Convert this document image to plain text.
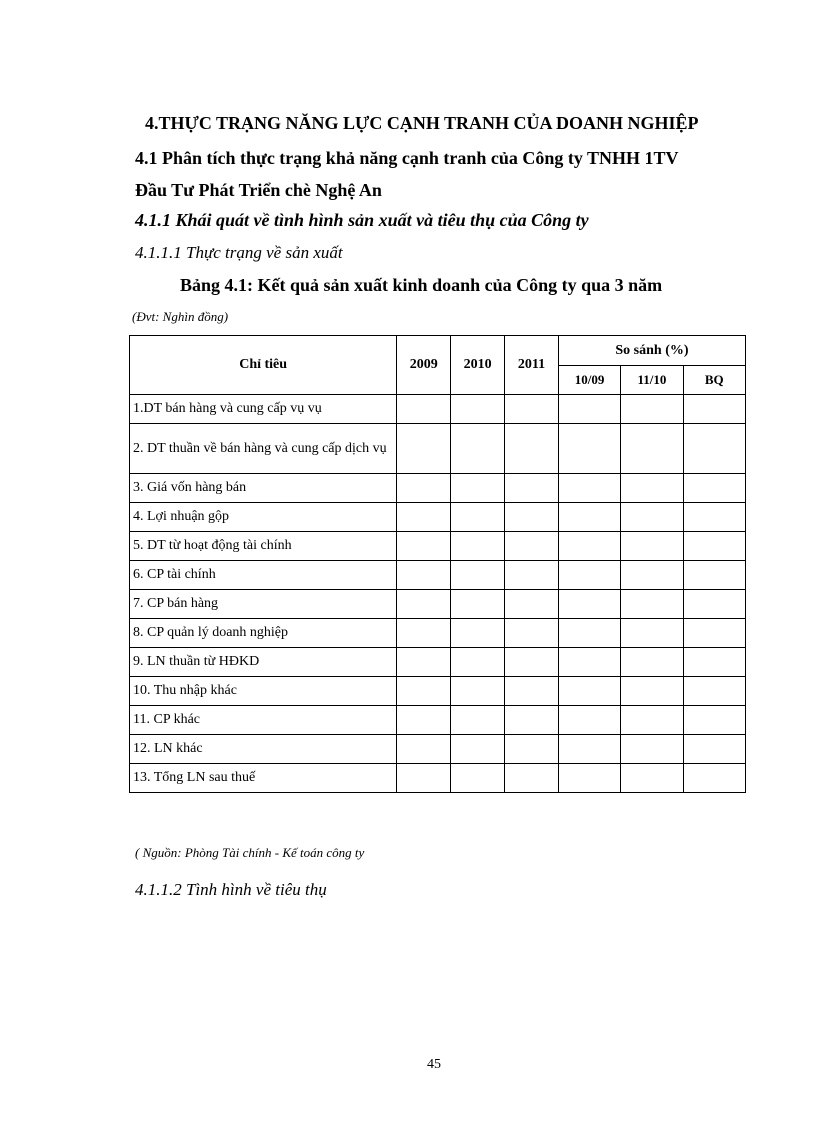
4.THỰC TRẠNG NĂNG LỰC CẠNH TRANH CỦA DOANH NGHIỆP
4.1 Phân tích thực trạng khả năng cạnh tranh của Công ty TNHH 1TV
Đầu Tư Phát Triển chè Nghệ An
4.1.1 Khái quát về tình hình sản xuất và tiêu thụ của Công ty
4.1.1.1 Thực trạng về sản xuất
Bảng 4.1: Kết quả sản xuất kinh doanh của Công ty qua 3 năm
(Đvt: Nghìn đồng)
Chỉ tiêu	2009	2010	2011	So sánh (%)		
				10/09	11/10	BQ
1.DT bán hàng và cung cấp vụ vụ						
2. DT thuần về bán hàng và cung cấp dịch vụ						
3. Giá vốn hàng bán						
4. Lợi nhuận gộp						
5. DT từ hoạt động tài chính						
6. CP tài chính						
7. CP bán hàng						
8. CP quản lý doanh nghiệp						
9. LN thuần từ HĐKD						
10. Thu nhập khác						
11. CP khác						
12. LN khác						
13. Tổng LN sau thuế						
( Nguồn: Phòng Tài chính - Kế toán công ty
4.1.1.2 Tình hình về tiêu thụ
45
